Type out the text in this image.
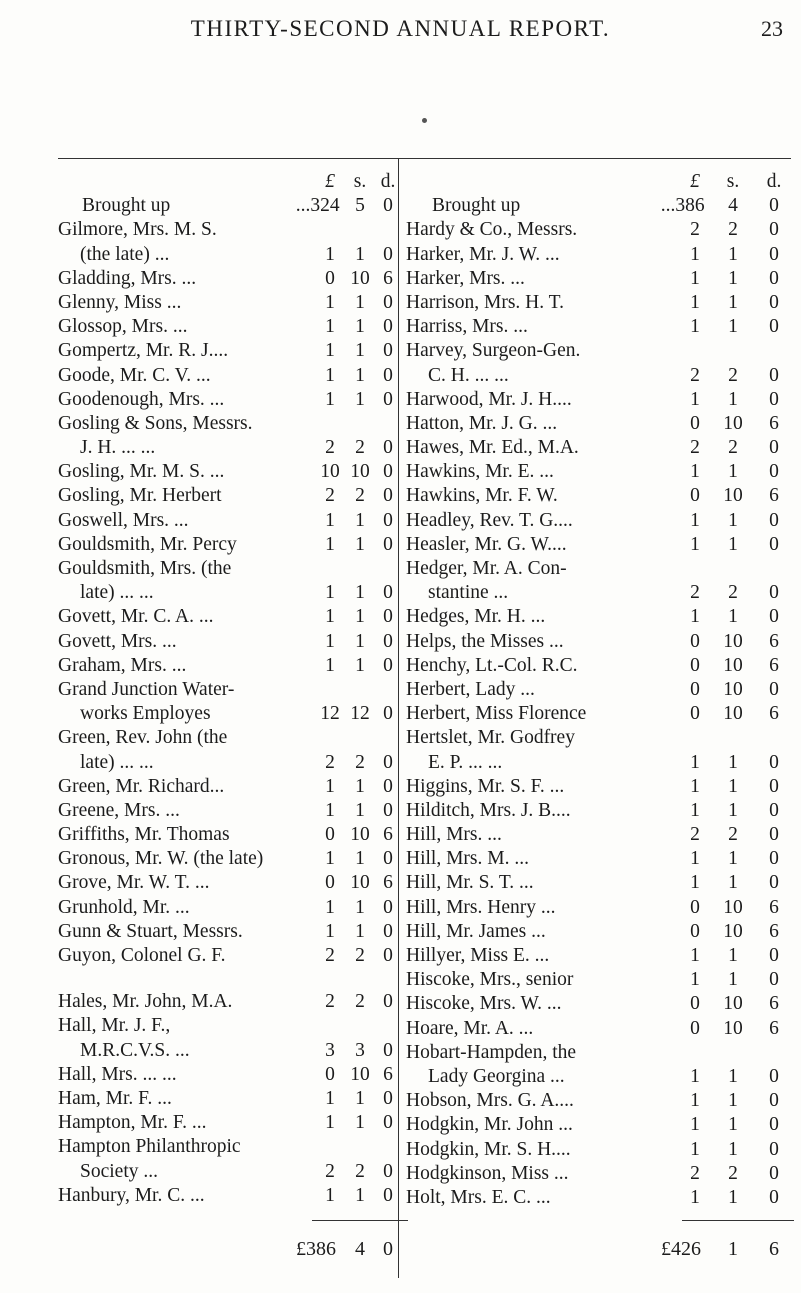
THIRTY-SECOND ANNUAL REPORT.	23
£ s. d.
Brought up	...324 5 0
Gilmore, Mrs. M. S.
(the late) ...	1 1 0
Gladding, Mrs. ...	0 10 6
Glenny, Miss ...	1 1 0
Glossop, Mrs. ...	1 1 0
Gompertz, Mr. R. J....	1 1 0
Goode, Mr. C. V. ...	1 1 0
Goodenough, Mrs. ...	1 1 0
Gosling & Sons, Messrs.
J. H. ... ...	2 2 0
Gosling, Mr. M. S. ...	10 10 0
Gosling, Mr. Herbert	2 2 0
Goswell, Mrs. ...	1 1 0
Gouldsmith, Mr. Percy	1 1 0
Gouldsmith, Mrs. (the
late) ... ...	1 1 0
Govett, Mr. C. A. ...	1 1 0
Govett, Mrs. ...	1 1 0
Graham, Mrs. ...	1 1 0
Grand Junction Water-
works Employes	12 12 0
Green, Rev. John (the
late) ... ...	2 2 0
Green, Mr. Richard...	1 1 0
Greene, Mrs. ...	1 1 0
Griffiths, Mr. Thomas	0 10 6
Gronous, Mr. W. (the late)	1 1 0
Grove, Mr. W. T. ...	0 10 6
Grunhold, Mr. ...	1 1 0
Gunn & Stuart, Messrs.	1 1 0
Guyon, Colonel G. F.	2 2 0
Hales, Mr. John, M.A.	2 2 0
Hall, Mr. J. F.,
M.R.C.V.S. ...	3 3 0
Hall, Mrs. ... ...	0 10 6
Ham, Mr. F. ...	1 1 0
Hampton, Mr. F. ...	1 1 0
Hampton Philanthropic
Society ...	2 2 0
Hanbury, Mr. C. ...	1 1 0
£ s. d.
Brought up	...386 4 0
Hardy & Co., Messrs.	2 2 0
Harker, Mr. J. W. ...	1 1 0
Harker, Mrs. ...	1 1 0
Harrison, Mrs. H. T.	1 1 0
Harriss, Mrs. ...	1 1 0
Harvey, Surgeon-Gen.
C. H. ... ...	2 2 0
Harwood, Mr. J. H....	1 1 0
Hatton, Mr. J. G. ...	0 10 6
Hawes, Mr. Ed., M.A.	2 2 0
Hawkins, Mr. E. ...	1 1 0
Hawkins, Mr. F. W.	0 10 6
Headley, Rev. T. G....	1 1 0
Heasler, Mr. G. W....	1 1 0
Hedger, Mr. A. Con-
stantine ...	2 2 0
Hedges, Mr. H. ...	1 1 0
Helps, the Misses ...	0 10 6
Henchy, Lt.-Col. R.C.	0 10 6
Herbert, Lady ...	0 10 0
Herbert, Miss Florence	0 10 6
Hertslet, Mr. Godfrey
E. P. ... ...	1 1 0
Higgins, Mr. S. F. ...	1 1 0
Hilditch, Mrs. J. B....	1 1 0
Hill, Mrs. ...	2 2 0
Hill, Mrs. M. ...	1 1 0
Hill, Mr. S. T. ...	1 1 0
Hill, Mrs. Henry ...	0 10 6
Hill, Mr. James ...	0 10 6
Hillyer, Miss E. ...	1 1 0
Hiscoke, Mrs., senior	1 1 0
Hiscoke, Mrs. W. ...	0 10 6
Hoare, Mr. A. ...	0 10 6
Hobart-Hampden, the
Lady Georgina ...	1 1 0
Hobson, Mrs. G. A....	1 1 0
Hodgkin, Mr. John ...	1 1 0
Hodgkin, Mr. S. H....	1 1 0
Hodgkinson, Miss ...	2 2 0
Holt, Mrs. E. C. ...	1 1 0
£386 4 0	£426 1 6
